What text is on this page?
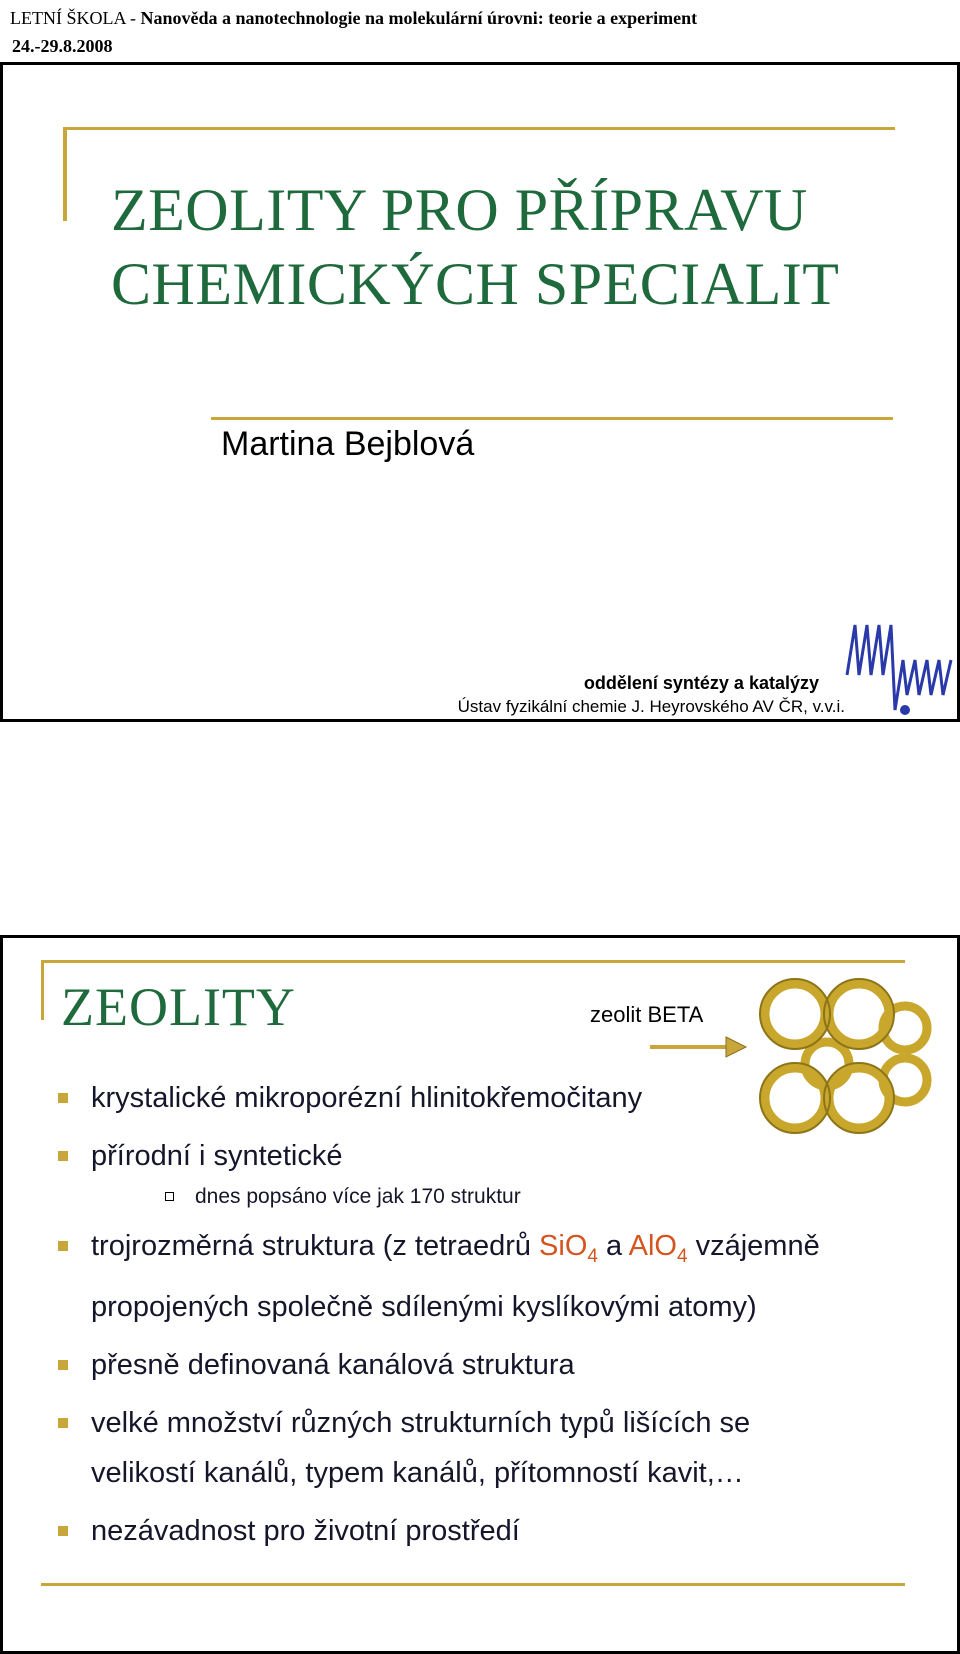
LETNÍ ŠKOLA - Nanověda a nanotechnologie na molekulární úrovni: teorie a experiment
24.-29.8.2008
ZEOLITY PRO PŘÍPRAVU
CHEMICKÝCH SPECIALIT
Martina Bejblová
oddělení syntézy a katalýzy
Ústav fyzikální chemie J. Heyrovského AV ČR, v.v.i.
ZEOLITY	zeolit BETA
krystalické mikroporézní hlinitokřemočitany
přírodní i syntetické
dnes popsáno více jak 170 struktur
trojrozměrná struktura (z tetraedrů SiO$_4$ a AlO$_4$ vzájemně
propojených společně sdílenými kyslíkovými atomy)
přesně definovaná kanálová struktura
velké množství různých strukturních typů lišících se
velikostí kanálů, typem kanálů, přítomností kavit,…
nezávadnost pro životní prostředí
